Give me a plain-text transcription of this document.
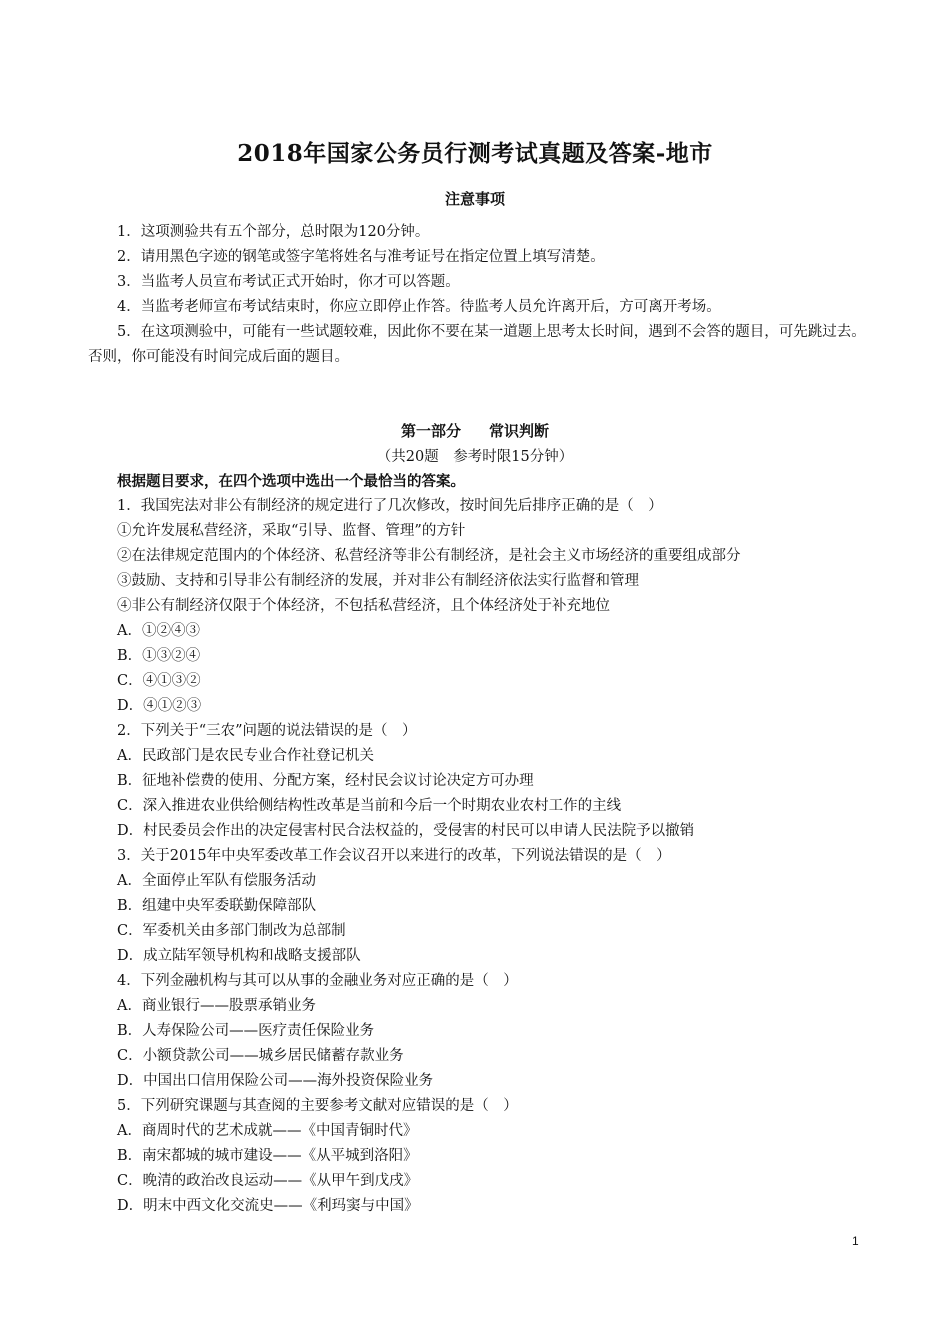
2018年国家公务员行测考试真题及答案-地市
注意事项

1．这项测验共有五个部分，总时限为120分钟。

2．请用黑色字迹的钢笔或签字笔将姓名与准考证号在指定位置上填写清楚。

3．当监考人员宣布考试正式开始时，你才可以答题。

4．当监考老师宣布考试结束时，你应立即停止作答。待监考人员允许离开后，方可离开考场。

5．在这项测验中，可能有一些试题较难，因此你不要在某一道题上思考太长时间，遇到不会答的题目，可先跳过去。否则，你可能没有时间完成后面的题目。

第一部分 常识判断
（共20题　参考时限15分钟）

根据题目要求，在四个选项中选出一个最恰当的答案。

1．我国宪法对非公有制经济的规定进行了几次修改，按时间先后排序正确的是（　）

①允许发展私营经济，采取“引导、监督、管理”的方针

②在法律规定范围内的个体经济、私营经济等非公有制经济，是社会主义市场经济的重要组成部分

③鼓励、支持和引导非公有制经济的发展，并对非公有制经济依法实行监督和管理

④非公有制经济仅限于个体经济，不包括私营经济，且个体经济处于补充地位

A．①②④③

B．①③②④

C．④①③②

D．④①②③

2．下列关于“三农”问题的说法错误的是（　）

A．民政部门是农民专业合作社登记机关

B．征地补偿费的使用、分配方案，经村民会议讨论决定方可办理

C．深入推进农业供给侧结构性改革是当前和今后一个时期农业农村工作的主线

D．村民委员会作出的决定侵害村民合法权益的，受侵害的村民可以申请人民法院予以撤销

3．关于2015年中央军委改革工作会议召开以来进行的改革，下列说法错误的是（　）

A．全面停止军队有偿服务活动

B．组建中央军委联勤保障部队

C．军委机关由多部门制改为总部制

D．成立陆军领导机构和战略支援部队

4．下列金融机构与其可以从事的金融业务对应正确的是（　）

A．商业银行——股票承销业务

B．人寿保险公司——医疗责任保险业务

C．小额贷款公司——城乡居民储蓄存款业务

D．中国出口信用保险公司——海外投资保险业务

5．下列研究课题与其查阅的主要参考文献对应错误的是（　）

A．商周时代的艺术成就——《中国青铜时代》

B．南宋都城的城市建设——《从平城到洛阳》

C．晚清的政治改良运动——《从甲午到戊戌》

D．明末中西文化交流史——《利玛窦与中国》

1
